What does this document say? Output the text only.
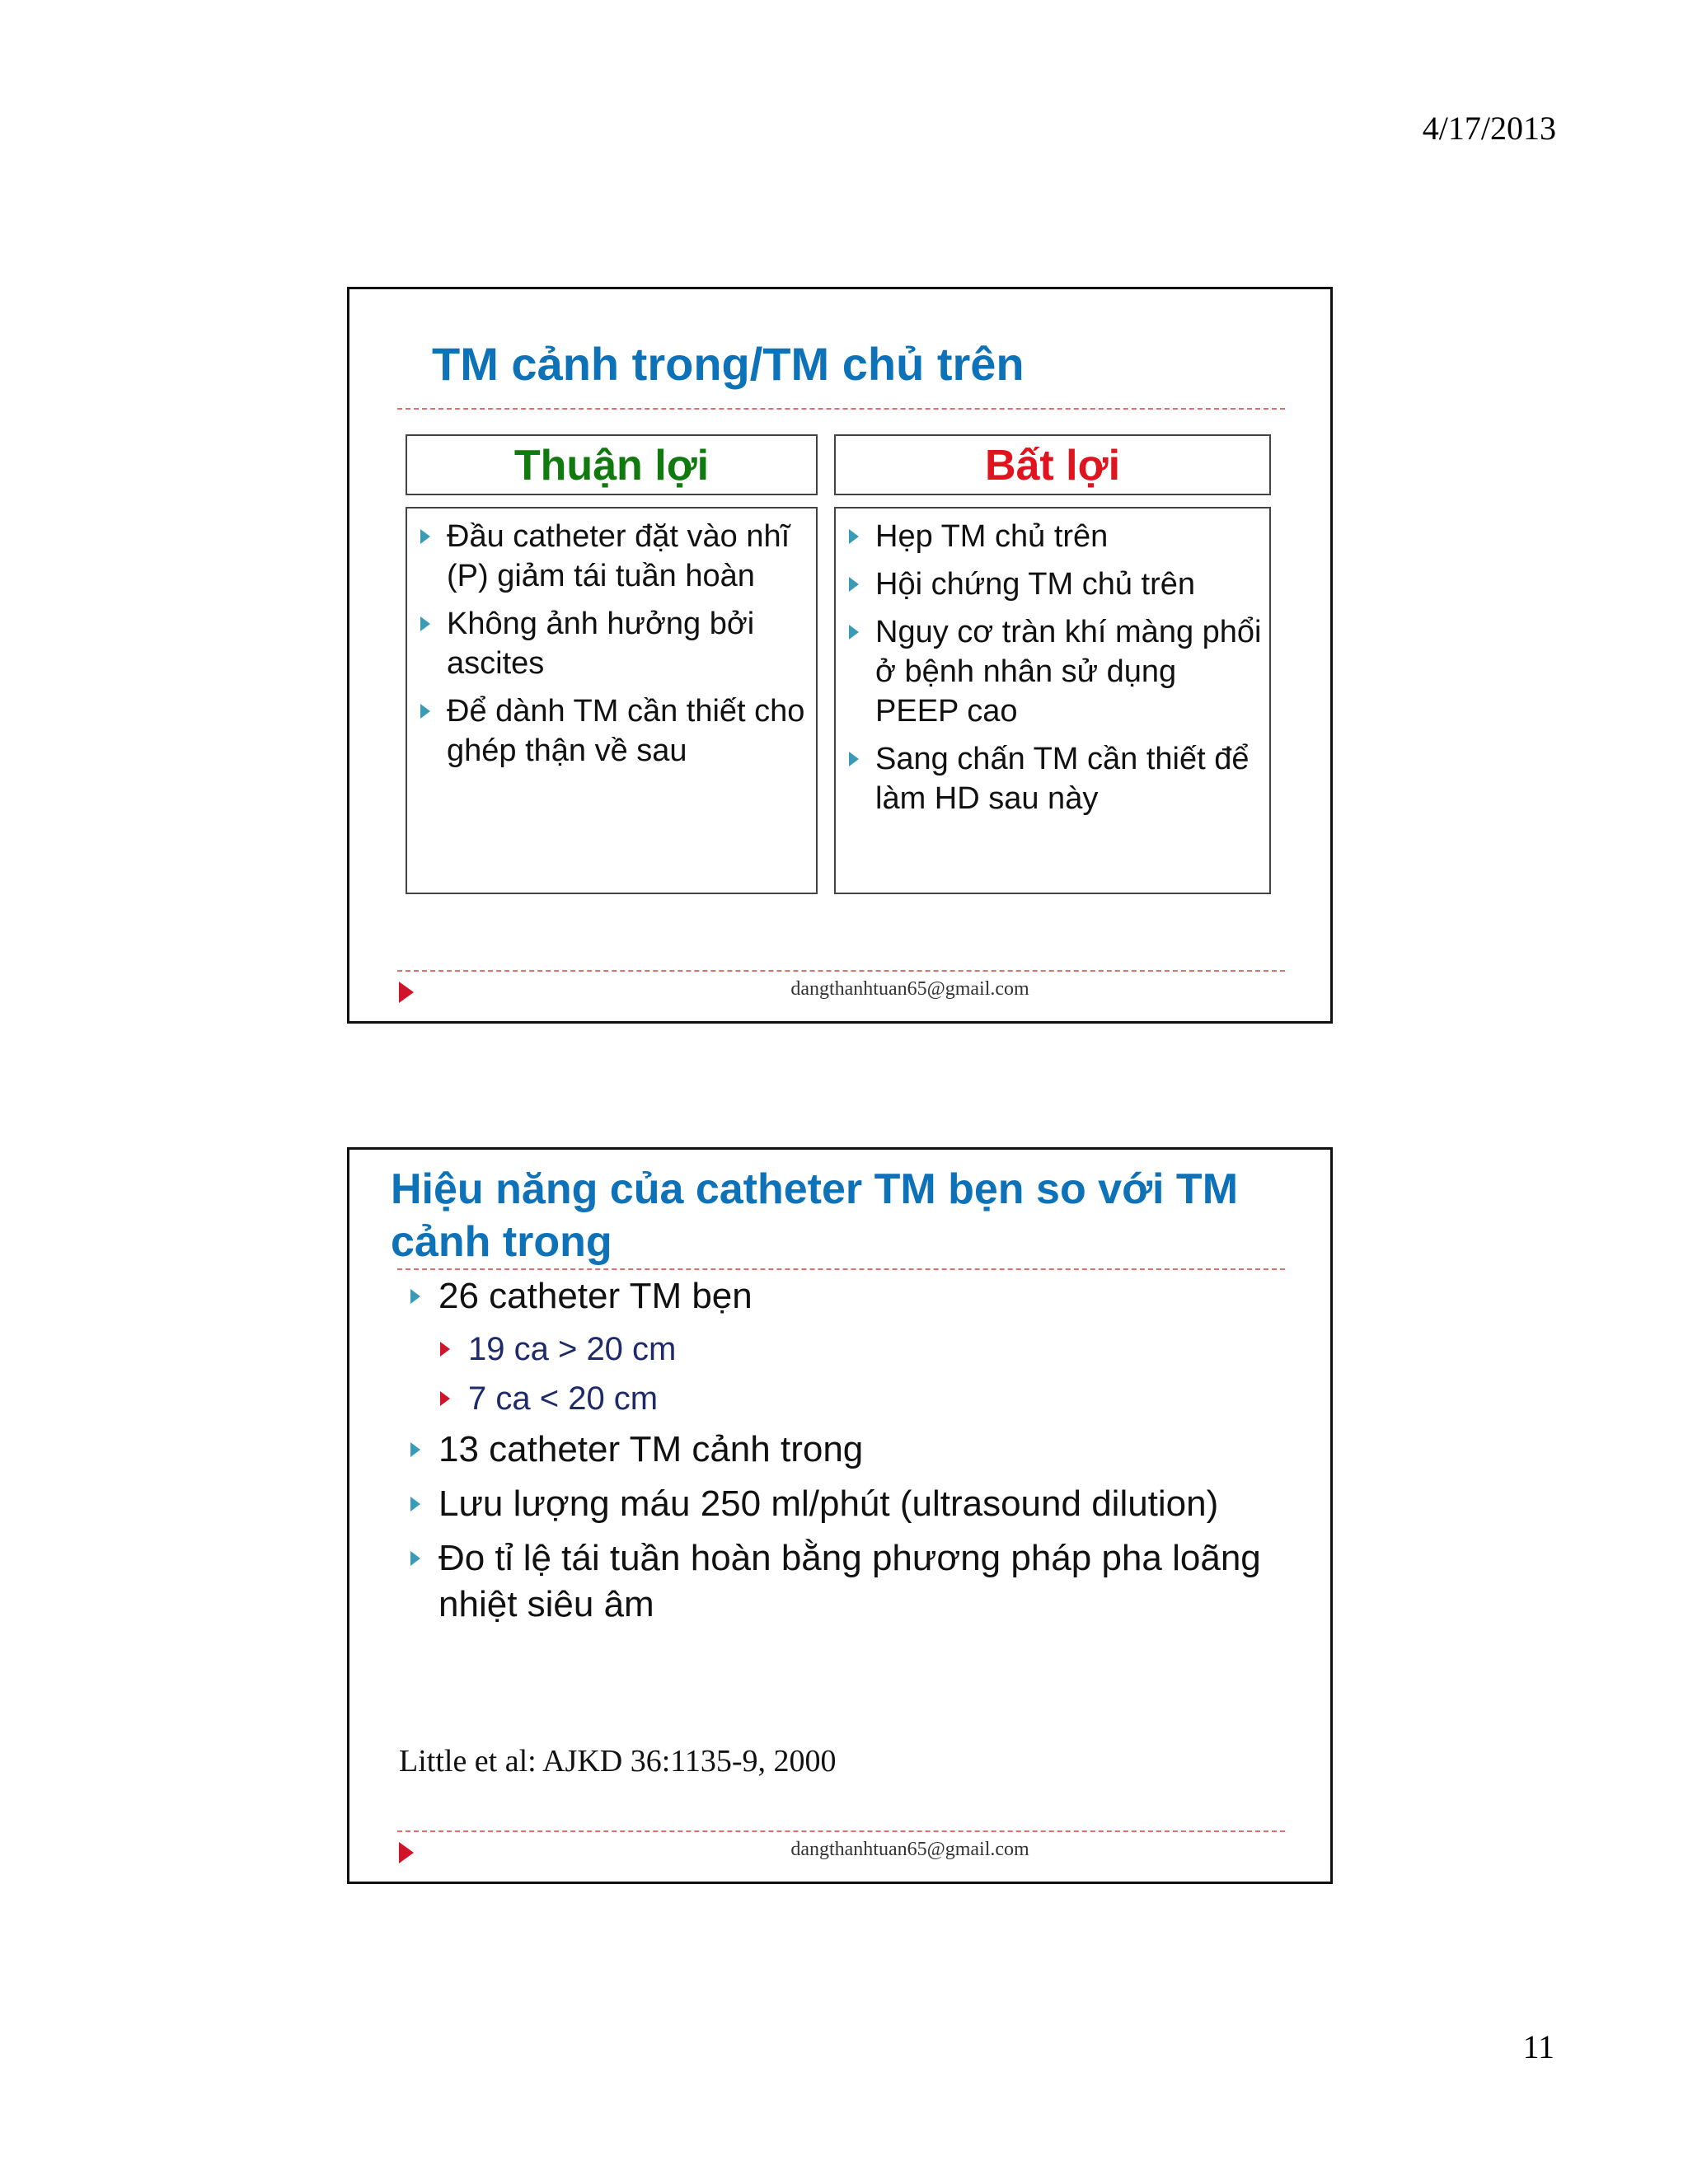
4/17/2013
TM cảnh trong/TM chủ trên
Thuận lợi	Bất lợi
Đầu catheter đặt vào nhĩ (P) giảm tái tuần hoàn
Không ảnh hưởng bởi ascites
Để dành TM cần thiết cho ghép thận về sau
Hẹp TM chủ trên
Hội chứng TM chủ trên
Nguy cơ tràn khí màng phổi ở bệnh nhân sử dụng PEEP cao
Sang chấn TM cần thiết để làm HD sau này
dangthanhtuan65@gmail.com
Hiệu năng của catheter TM bẹn so với TM cảnh trong
26 catheter TM bẹn
19 ca > 20 cm
7 ca < 20 cm
13 catheter TM cảnh trong
Lưu lượng máu 250 ml/phút (ultrasound dilution)
Đo tỉ lệ tái tuần hoàn bằng phương pháp pha loãng nhiệt siêu âm
Little et al: AJKD 36:1135-9, 2000
dangthanhtuan65@gmail.com
11
